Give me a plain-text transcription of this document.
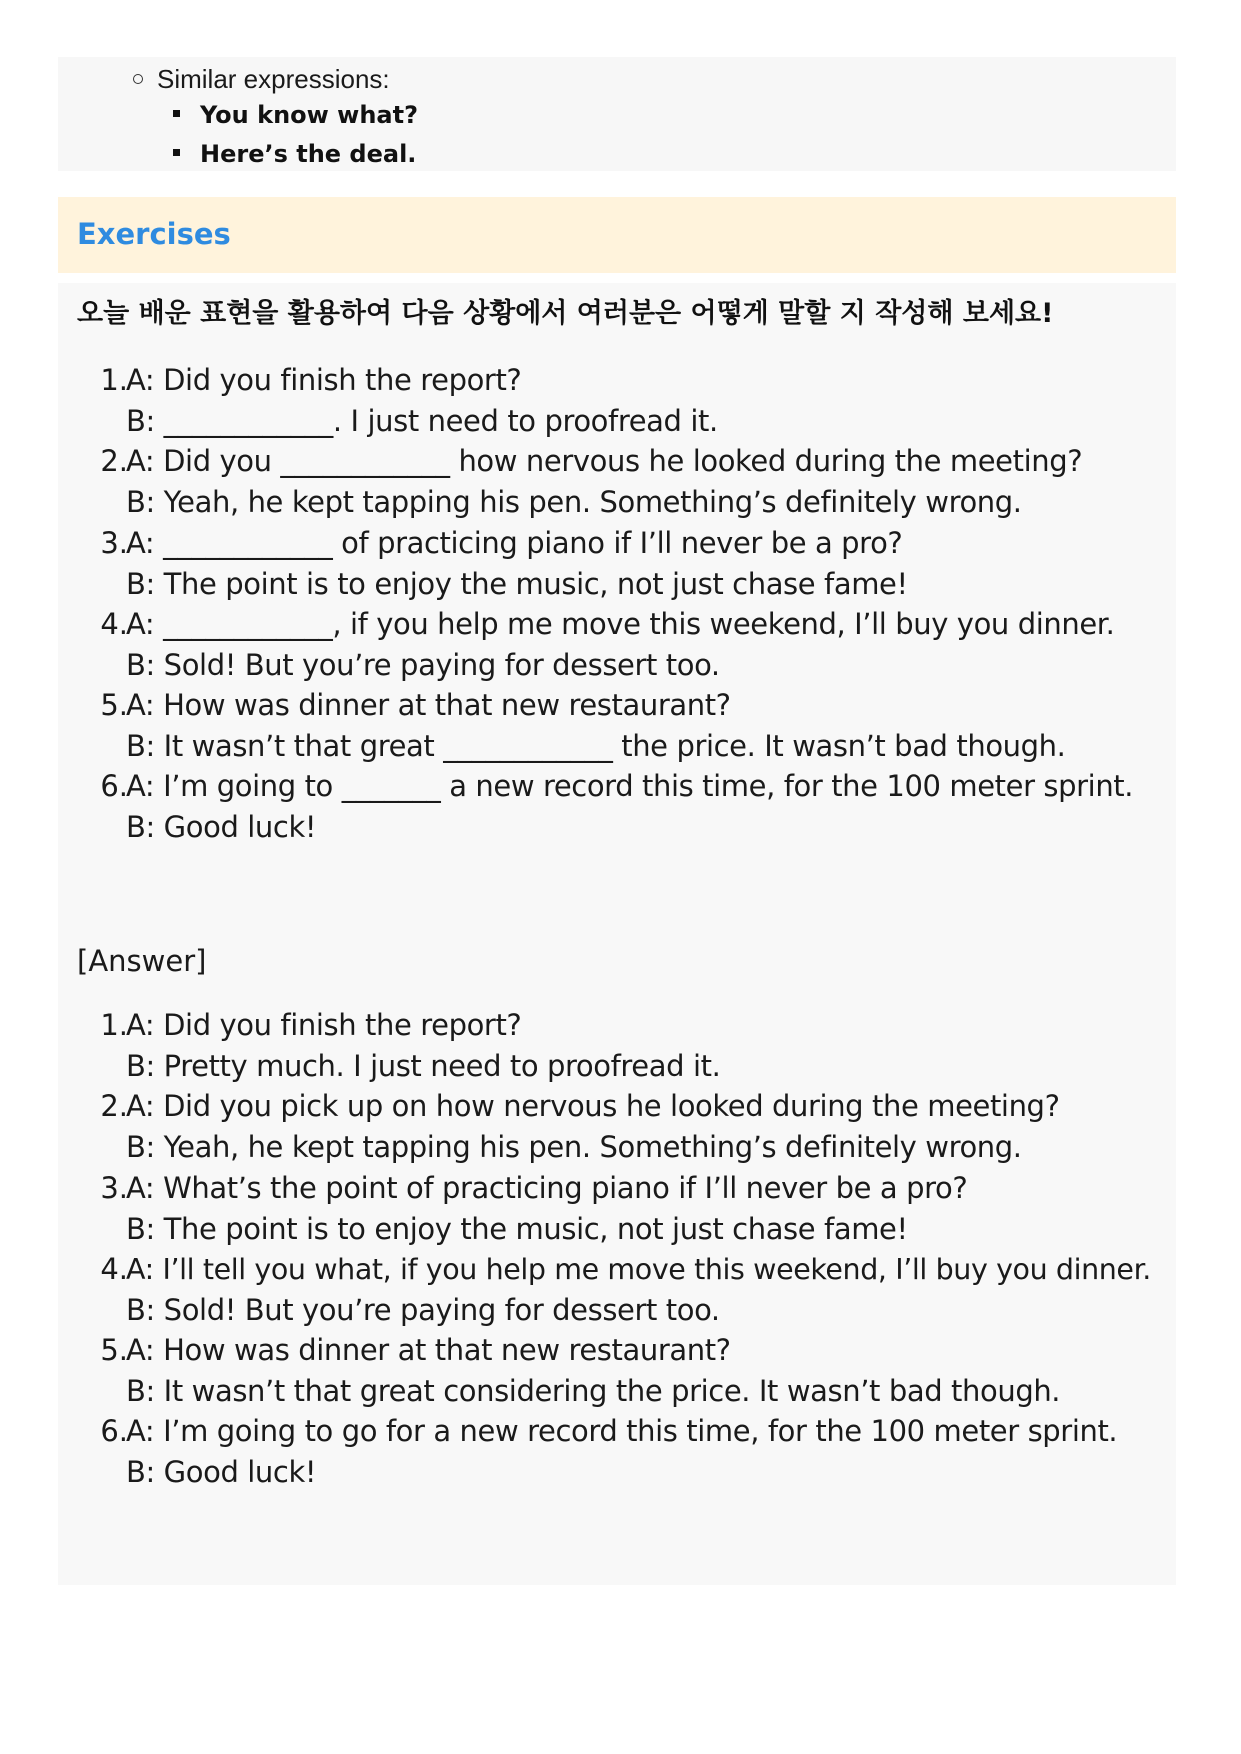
Similar expressions:
You know what?
Here’s the deal.
Exercises
오늘 배운 표현을 활용하여 다음 상황에서 여러분은 어떻게 말할 지 작성해 보세요!
1.
A: Did you finish the report?
B: ____________. I just need to proofread it.
2.
A: Did you ____________ how nervous he looked during the meeting?
B: Yeah, he kept tapping his pen. Something’s definitely wrong.
3.
A: ____________ of practicing piano if I’ll never be a pro?
B: The point is to enjoy the music, not just chase fame!
4.
A: ____________, if you help me move this weekend, I’ll buy you dinner.
B: Sold! But you’re paying for dessert too.
5.
A: How was dinner at that new restaurant?
B: It wasn’t that great ____________ the price. It wasn’t bad though.
6.
A: I’m going to _______ a new record this time, for the 100 meter sprint.
B: Good luck!
[Answer]
1.
A: Did you finish the report?
B: Pretty much. I just need to proofread it.
2.
A: Did you pick up on how nervous he looked during the meeting?
B: Yeah, he kept tapping his pen. Something’s definitely wrong.
3.
A: What’s the point of practicing piano if I’ll never be a pro?
B: The point is to enjoy the music, not just chase fame!
4.
A: I’ll tell you what, if you help me move this weekend, I’ll buy you dinner.
B: Sold! But you’re paying for dessert too.
5.
A: How was dinner at that new restaurant?
B: It wasn’t that great considering the price. It wasn’t bad though.
6.
A: I’m going to go for a new record this time, for the 100 meter sprint.
B: Good luck!
